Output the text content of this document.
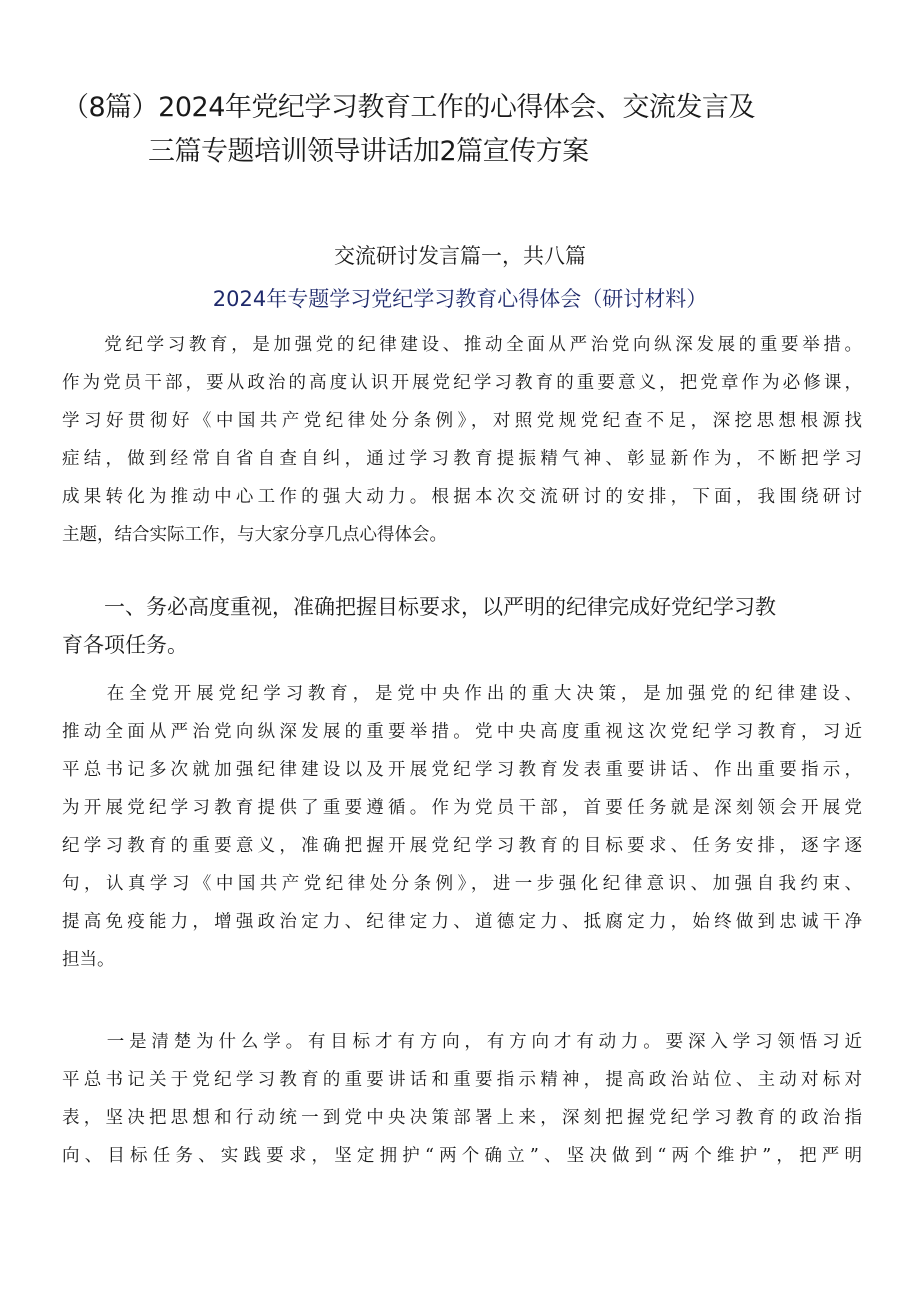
（8篇）2024年党纪学习教育工作的心得体会、交流发言及
三篇专题培训领导讲话加2篇宣传方案

交流研讨发言篇一，共八篇

2024年专题学习党纪学习教育心得体会（研讨材料）

　　党纪学习教育，是加强党的纪律建设、推动全面从严治党向纵深发展的重要举措。
作为党员干部，要从政治的高度认识开展党纪学习教育的重要意义，把党章作为必修课，
学习好贯彻好《中国共产党纪律处分条例》，对照党规党纪查不足，深挖思想根源找
症结，做到经常自省自查自纠，通过学习教育提振精气神、彰显新作为，不断把学习
成果转化为推动中心工作的强大动力。根据本次交流研讨的安排，下面，我围绕研讨
主题，结合实际工作，与大家分享几点心得体会。
　　一、务必高度重视，准确把握目标要求，以严明的纪律完成好党纪学习教
育各项任务。
　　在全党开展党纪学习教育，是党中央作出的重大决策，是加强党的纪律建设、
推动全面从严治党向纵深发展的重要举措。党中央高度重视这次党纪学习教育，习近
平总书记多次就加强纪律建设以及开展党纪学习教育发表重要讲话、作出重要指示，
为开展党纪学习教育提供了重要遵循。作为党员干部，首要任务就是深刻领会开展党
纪学习教育的重要意义，准确把握开展党纪学习教育的目标要求、任务安排，逐字逐
句，认真学习《中国共产党纪律处分条例》，进一步强化纪律意识、加强自我约束、
提高免疫能力，增强政治定力、纪律定力、道德定力、抵腐定力，始终做到忠诚干净
担当。
　　一是清楚为什么学。有目标才有方向，有方向才有动力。要深入学习领悟习近
平总书记关于党纪学习教育的重要讲话和重要指示精神，提高政治站位、主动对标对
表，坚决把思想和行动统一到党中央决策部署上来，深刻把握党纪学习教育的政治指
向、目标任务、实践要求，坚定拥护“两个确立”、坚决做到“两个维护”，把严明
